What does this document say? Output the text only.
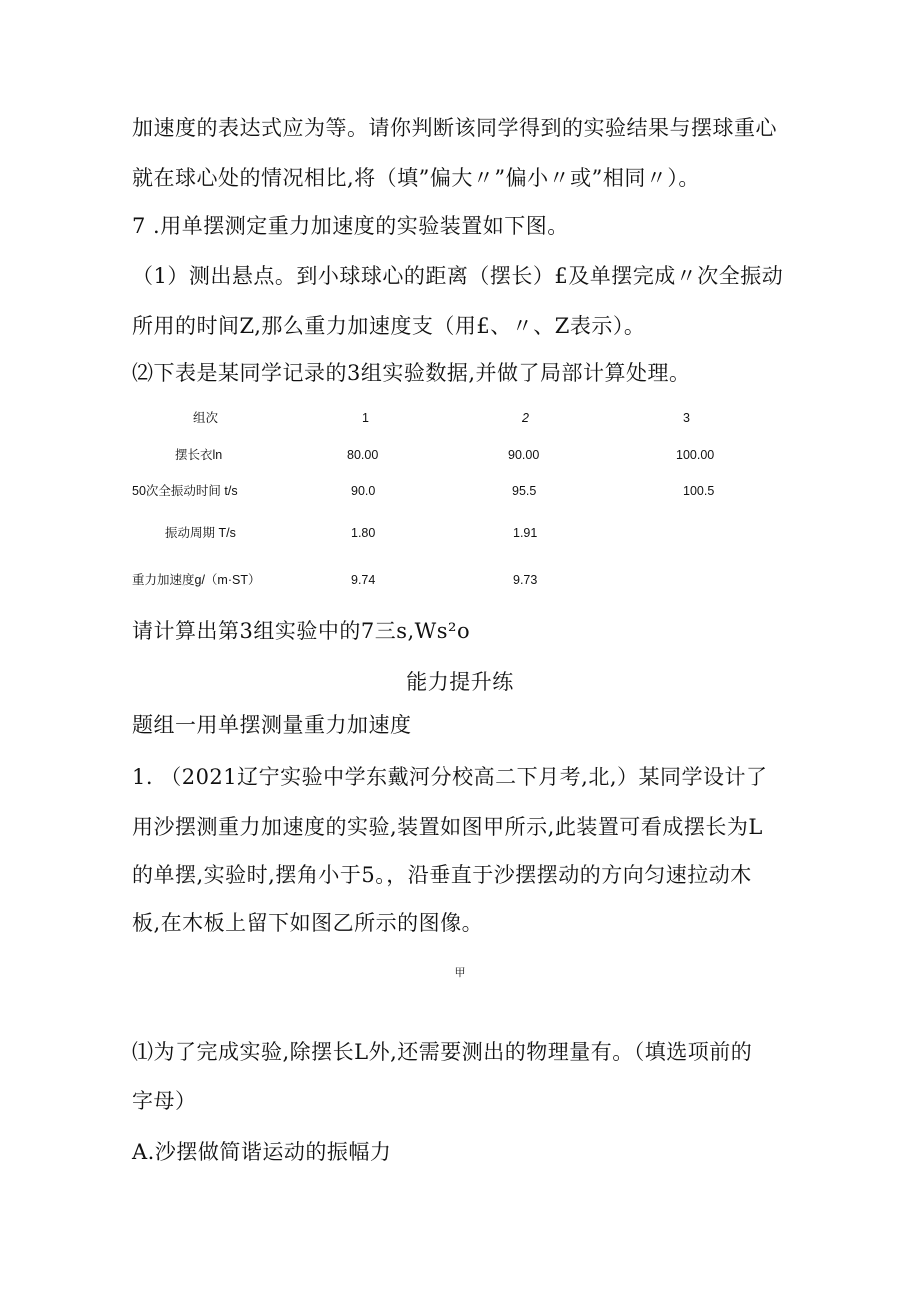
加速度的表达式应为等。请你判断该同学得到的实验结果与摆球重心
就在球心处的情况相比,将（填”偏大〃”偏小〃或”相同〃）。
7 .用单摆测定重力加速度的实验装置如下图。
（1）测出悬点。到小球球心的距离（摆长）£及单摆完成〃次全振动
所用的时间Z,那么重力加速度支（用£、〃、Z表示）。
⑵下表是某同学记录的3组实验数据,并做了局部计算处理。
组次	1	2	3
摆长衣ln	80.00	90.00	100.00
50次全振动时间 t/s	90.0	95.5	100.5
振动周期 T/s	1.80	1.91
重力加速度g/（m·ST）	9.74	9.73
请计算出第3组实验中的7三s,Ws²o
能力提升练
题组一用单摆测量重力加速度
1. （2021辽宁实验中学东戴河分校高二下月考,北,）某同学设计了
用沙摆测重力加速度的实验,装置如图甲所示,此装置可看成摆长为L
的单摆,实验时,摆角小于5。，沿垂直于沙摆摆动的方向匀速拉动木
板,在木板上留下如图乙所示的图像。
甲
⑴为了完成实验,除摆长L外,还需要测出的物理量有。（填选项前的
字母）
A.沙摆做简谐运动的振幅力
